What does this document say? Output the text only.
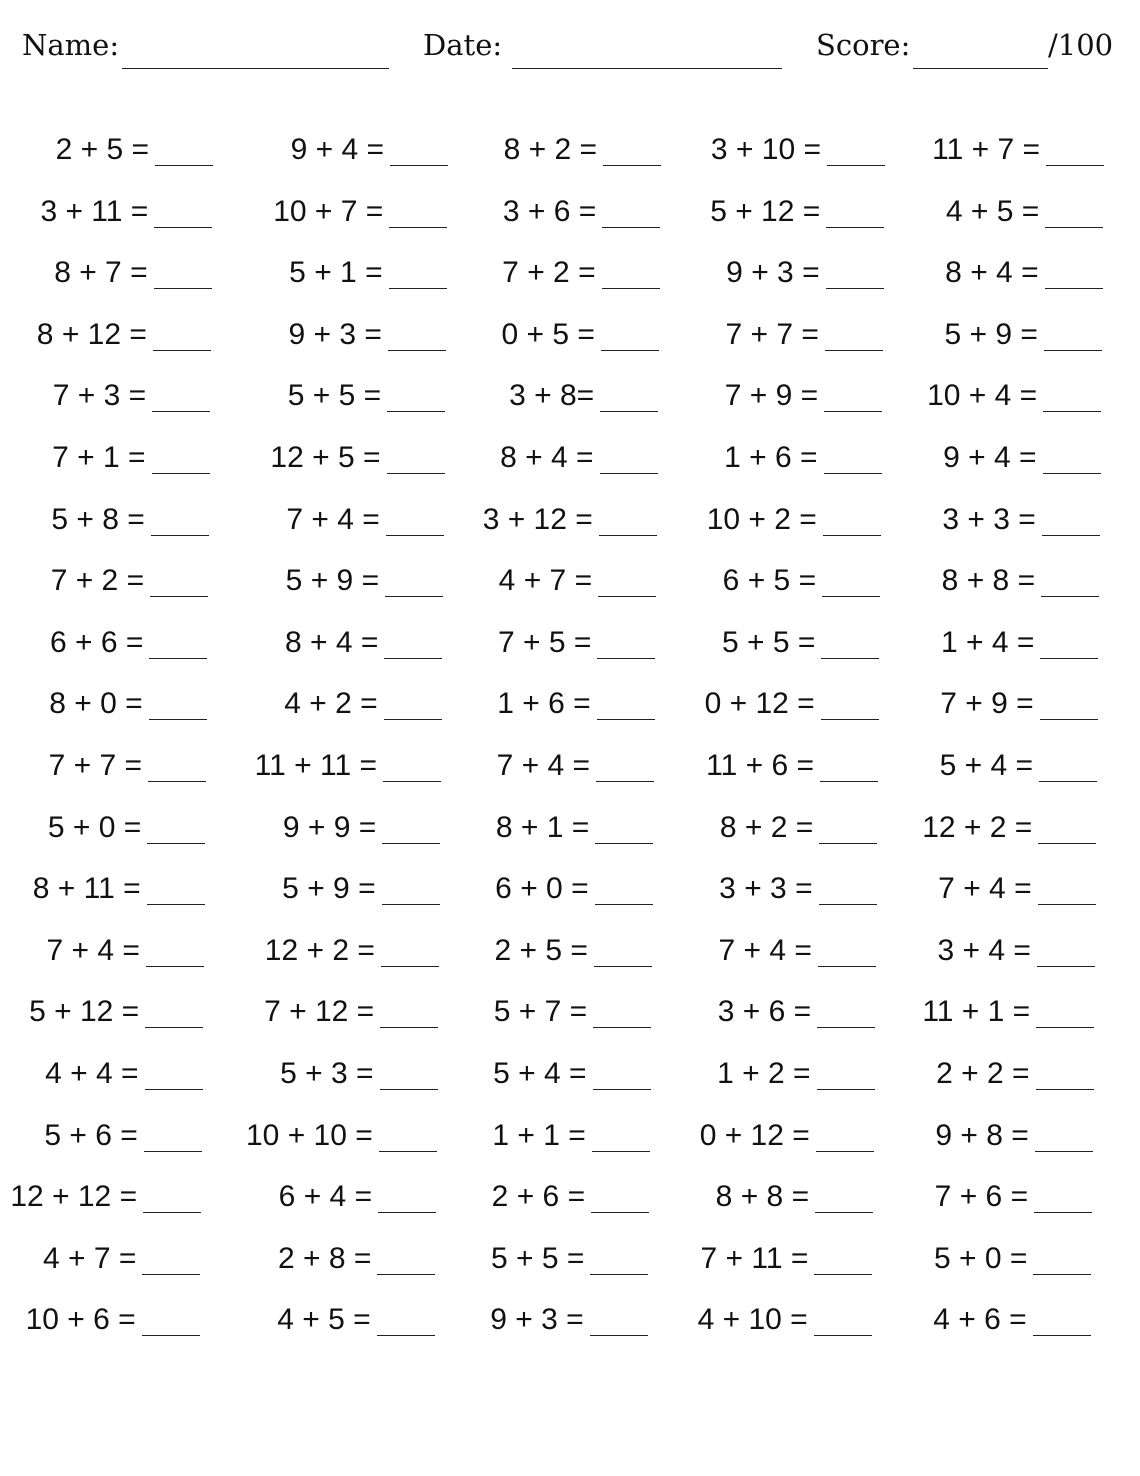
Name:	Date:	Score:	/100
2 + 5 =	9 + 4 =	8 + 2 =	3 + 10 =	11 + 7 =
3 + 11 =	10 + 7 =	3 + 6 =	5 + 12 =	4 + 5 =
8 + 7 =	5 + 1 =	7 + 2 =	9 + 3 =	8 + 4 =
8 + 12 =	9 + 3 =	0 + 5 =	7 + 7 =	5 + 9 =
7 + 3 =	5 + 5 =	3 + 8=	7 + 9 =	10 + 4 =
7 + 1 =	12 + 5 =	8 + 4 =	1 + 6 =	9 + 4 =
5 + 8 =	7 + 4 =	3 + 12 =	10 + 2 =	3 + 3 =
7 + 2 =	5 + 9 =	4 + 7 =	6 + 5 =	8 + 8 =
6 + 6 =	8 + 4 =	7 + 5 =	5 + 5 =	1 + 4 =
8 + 0 =	4 + 2 =	1 + 6 =	0 + 12 =	7 + 9 =
7 + 7 =	11 + 11 =	7 + 4 =	11 + 6 =	5 + 4 =
5 + 0 =	9 + 9 =	8 + 1 =	8 + 2 =	12 + 2 =
8 + 11 =	5 + 9 =	6 + 0 =	3 + 3 =	7 + 4 =
7 + 4 =	12 + 2 =	2 + 5 =	7 + 4 =	3 + 4 =
5 + 12 =	7 + 12 =	5 + 7 =	3 + 6 =	11 + 1 =
4 + 4 =	5 + 3 =	5 + 4 =	1 + 2 =	2 + 2 =
5 + 6 =	10 + 10 =	1 + 1 =	0 + 12 =	9 + 8 =
12 + 12 =	6 + 4 =	2 + 6 =	8 + 8 =	7 + 6 =
4 + 7 =	2 + 8 =	5 + 5 =	7 + 11 =	5 + 0 =
10 + 6 =	4 + 5 =	9 + 3 =	4 + 10 =	4 + 6 =
